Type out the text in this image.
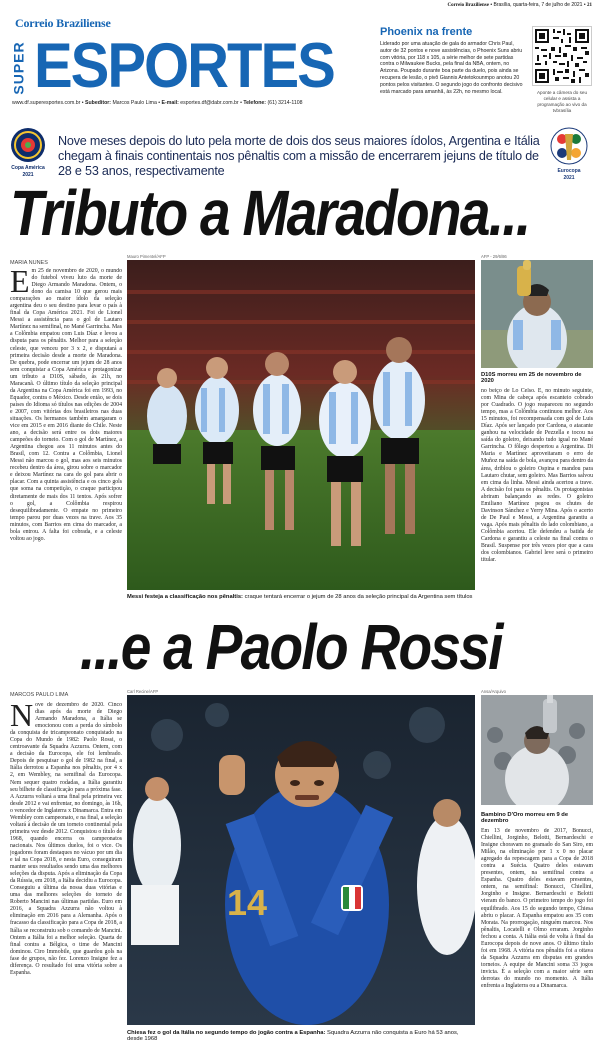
Correio Braziliense • Brasília, quarta-feira, 7 de julho de 2021 • 21
Correio Braziliense
SUPER ESPORTES
www.df.superesportes.com.br • Subeditor: Marcos Paulo Lima • E-mail: esportes.df@dabr.com.br • Telefone: (61) 3214-1108
Phoenix na frente

Liderado por uma atuação de gala do armador Chris Paul, autor de 32 pontos e nove assistências, o Phoenix Suns abriu com vitória, por 118 x 105, a série melhor de sete partidas contra o Milwaukee Bucks, pela final da NBA, ontem, no Arizona. Poupado durante boa parte da duelo, pois ainda se recupera de lesão, o pivô Giannis Antetokounmpo anotou 20 pontos pelos visitantes. O segundo jogo do confronto decisivo está marcado para amanhã, às 22h, no mesmo local.	Aponte a câmera do seu celular e assista a programação ao vivo da tvbrasília
Copa América
2021
Nove meses depois do luto pela morte de dois dos seus maiores ídolos, Argentina e Itália chegam à finais continentais nos pênaltis com a missão de encerrarem jejuns de título de 28 e 53 anos, respectivamente	Eurocopa
2021
Tributo a Maradona...
MARIA NUNES
Em 25 de novembro de 2020, o mundo do futebol viveu luto da morte de Diego Armando Maradona. Ontem, o dono da camisa 10 que gerou mais comparações ao maior ídolo da seleção argentina deu o seu destino para levar o país à final da Copa América 2021. Foi de Lionel Messi a assistência para o gol de Lautaro Martínez na semifinal, no Mané Garrincha. Mas a Colômbia empatou com Luis Díaz e levou a disputa para os pênaltis. Melhor para a seleção celeste, que venceu por 3 x 2, e disputará a primeira decisão desde a morte de Maradona. De quebra, pode encerrar um jejum de 28 anos sem conquistar a Copa América e protagonizar um tributo a D10S, sábado, às 21h, no Maracanã. O último título da seleção principal da Argentina na Copa América foi em 1993, no Equador, contra o México. Desde então, se dois países do Idioma só títulos nas edições de 2004 e 2007, com vitórias dos brasileiros nas duas situações. Os hermanos também amargaram o vice em 2015 e em 2016 diante do Chile. Neste ano, a decisão será entre os dois maiores campeões do torneio. Com o gol de Martínez, a Argentina chegou aos 11 minutos antes do Brasil, com 12. Contra a Colômbia, Lionel Messi não marcou o gol, mas aos seis minutos recebeu dentro da área, girou sobre o marcador e deixou Martínez na cara do gol para abrir o placar. Com a quinta assistência e os cinco gols que soma na competição, o craque participou diretamente de mais dos 11 tentos. Após sofrer o gol, a Colômbia respirou desequilibradamente. O empate no primeiro tempo parou por duas vezes na trave. Aos 35 minutos, com Barrios em cima do marcador, a bola entrou. A falta foi cobrada, e a celeste voltou ao jogo.
Mauro Pimentel/AFP
Messi festeja a classificação nos pênaltis: craque tentará encerrar o jejum de 28 anos da seleção principal da Argentina sem títulos
AFP - 29/6/86
D10S morreu em 25 de novembro de 2020
no beiço de Lo Celso. E, no minuto seguinte, com Mina de cabeça após escanteio cobrado por Cuadrado. O jogo reapareceu no segundo tempo, mas a Colômbia continuou melhor. Aos 15 minutos, foi recompensada com gol de Luis Díaz. Após ser lançado por Cardona, o atacante ganhou na velocidade de Pezzella e tocou na saída do goleiro, deixando tudo igual no Mané Garrincha. O fôlego despertou a Argentina. Di Maria e Martínez aproveitaram o erro de Muñoz na saída de bola, avançou para dentro da área, driblou o goleiro Ospina e mandou para Lautaro chutar, sem goleiro. Mas Barrios salvou em cima da linha. Messi ainda acertou a trave. A decisão foi para os pênaltis. Os protagonistas abriram balançando as redes. O goleiro Emiliano Martínez pegou os chutes de Davinson Sánchez e Yerry Mina. Após o acerto de De Paul e Messi, a Argentina garantiu a vaga. Após mais pênaltis do lado colombiano, a Colômbia acertou. Ele defendeu a batida de Cardona e garantiu a celeste na final contra o Brasil. Suspense por três vezes pior que a cara dos colombianos. Gabriel leve será o primeiro titular.
...e a Paolo Rossi
MARCOS PAULO LIMA
Nove de dezembro de 2020. Cinco dias após da morte de Diego Armando Maradona, a Itália se emocionou com a perda do símbolo da conquista de tricampeonato conquistado na Copa do Mundo de 1982: Paolo Rossi, o centroavante da Squadra Azzurra. Ontem, com a decisão da Eurocopa, ele foi lembrado. Depois de pesquisar o gol de 1982 na final, a Itália derrotou a Espanha nos pênaltis, por 4 x 2, em Wembley, na semifinal da Eurocopa. Nem sequer quatro rodadas, a Itália garantiu seu bilhete de classificação para a próxima fase. A Azzurra voltará a uma final pela primeira vez desde 2012 e vai enfrentar, no domingo, às 16h, o vencedor de Inglaterra x Dinamarca. Entra em Wembley com campeonato, e na final, a seleção voltará à decisão de um torneio continental pela primeira vez desde 2012. Conquistou o título de 1968, quando encerra os campeonatos nacionais. Nos últimos duelos, foi o vice. Os jogadores foram destaques no vácuo por um dia e tal na Copa 2018, e nesta Euro, conseguiram manter seus resultados sendo uma das melhores seleções da disputa. Após a eliminação da Copa da Rússia, em 2018, a Itália decidiu a Eurocopa. Conseguiu a última da nossa duas vitórias e uma das melhores seleções do torneio de Roberto Mancini nas últimas partidas. Euro em 2016, a Squadra Azzurra não voltou à eliminação em 2016 para a Alemanha. Após o fracasso da classificação para a Copa de 2018, a Itália se reconstruiu sob o comando de Mancini. Ontem a Itália foi a melhor seleção. Quarta de final contra a Bélgica, o time de Mancini dominou. Ciro Immobile, que guardou gols na fase de grupos, não fez. Lorenzo Insigne fez a diferença. O resultado foi uma vitória sobre a Espanha.
Carl Recine/AFP
14
Chiesa fez o gol da Itália no segundo tempo do jogão contra a Espanha: Squadra Azzurra não conquista a Euro há 53 anos, desde 1968
Ansa/Arquivo
Bambino D'Oro morreu em 9 de dezembro
Em 13 de novembro de 2017, Bonucci, Chiellini, Jorginho, Belotti, Bernardeschi e Insigne choravam no gramado do San Siro, em Milão, na eliminação por 1 x 0 no placar agregado da repescagem para a Copa de 2018 contra a Suécia. Quatro deles estavam presentes, ontem, na semifinal contra a Espanha. Quatro deles estavam presentes, ontem, na semifinal: Bonucci, Chiellini, Jorginho e Insigne. Bernardeschi e Belotti vieram do banco. O primeiro tempo do jogo foi equilibrado. Aos 15 do segundo tempo, Chiesa abriu o placar. A Espanha empatou aos 35 com Morata. Na prorrogação, ninguém marcou. Nos pênaltis, Locatelli e Olmo erraram. Jorginho fechou a conta. A Itália está de volta à final da Eurocopa depois de nove anos. O último título foi em 1968. A vitória nos pênaltis foi a oitava da Squadra Azzurra em disputas em grandes torneios. A equipe de Mancini soma 33 jogos invicta. É a seleção com a maior série sem derrotas do mundo no momento. A Itália enfrenta a Inglaterra ou a Dinamarca.
